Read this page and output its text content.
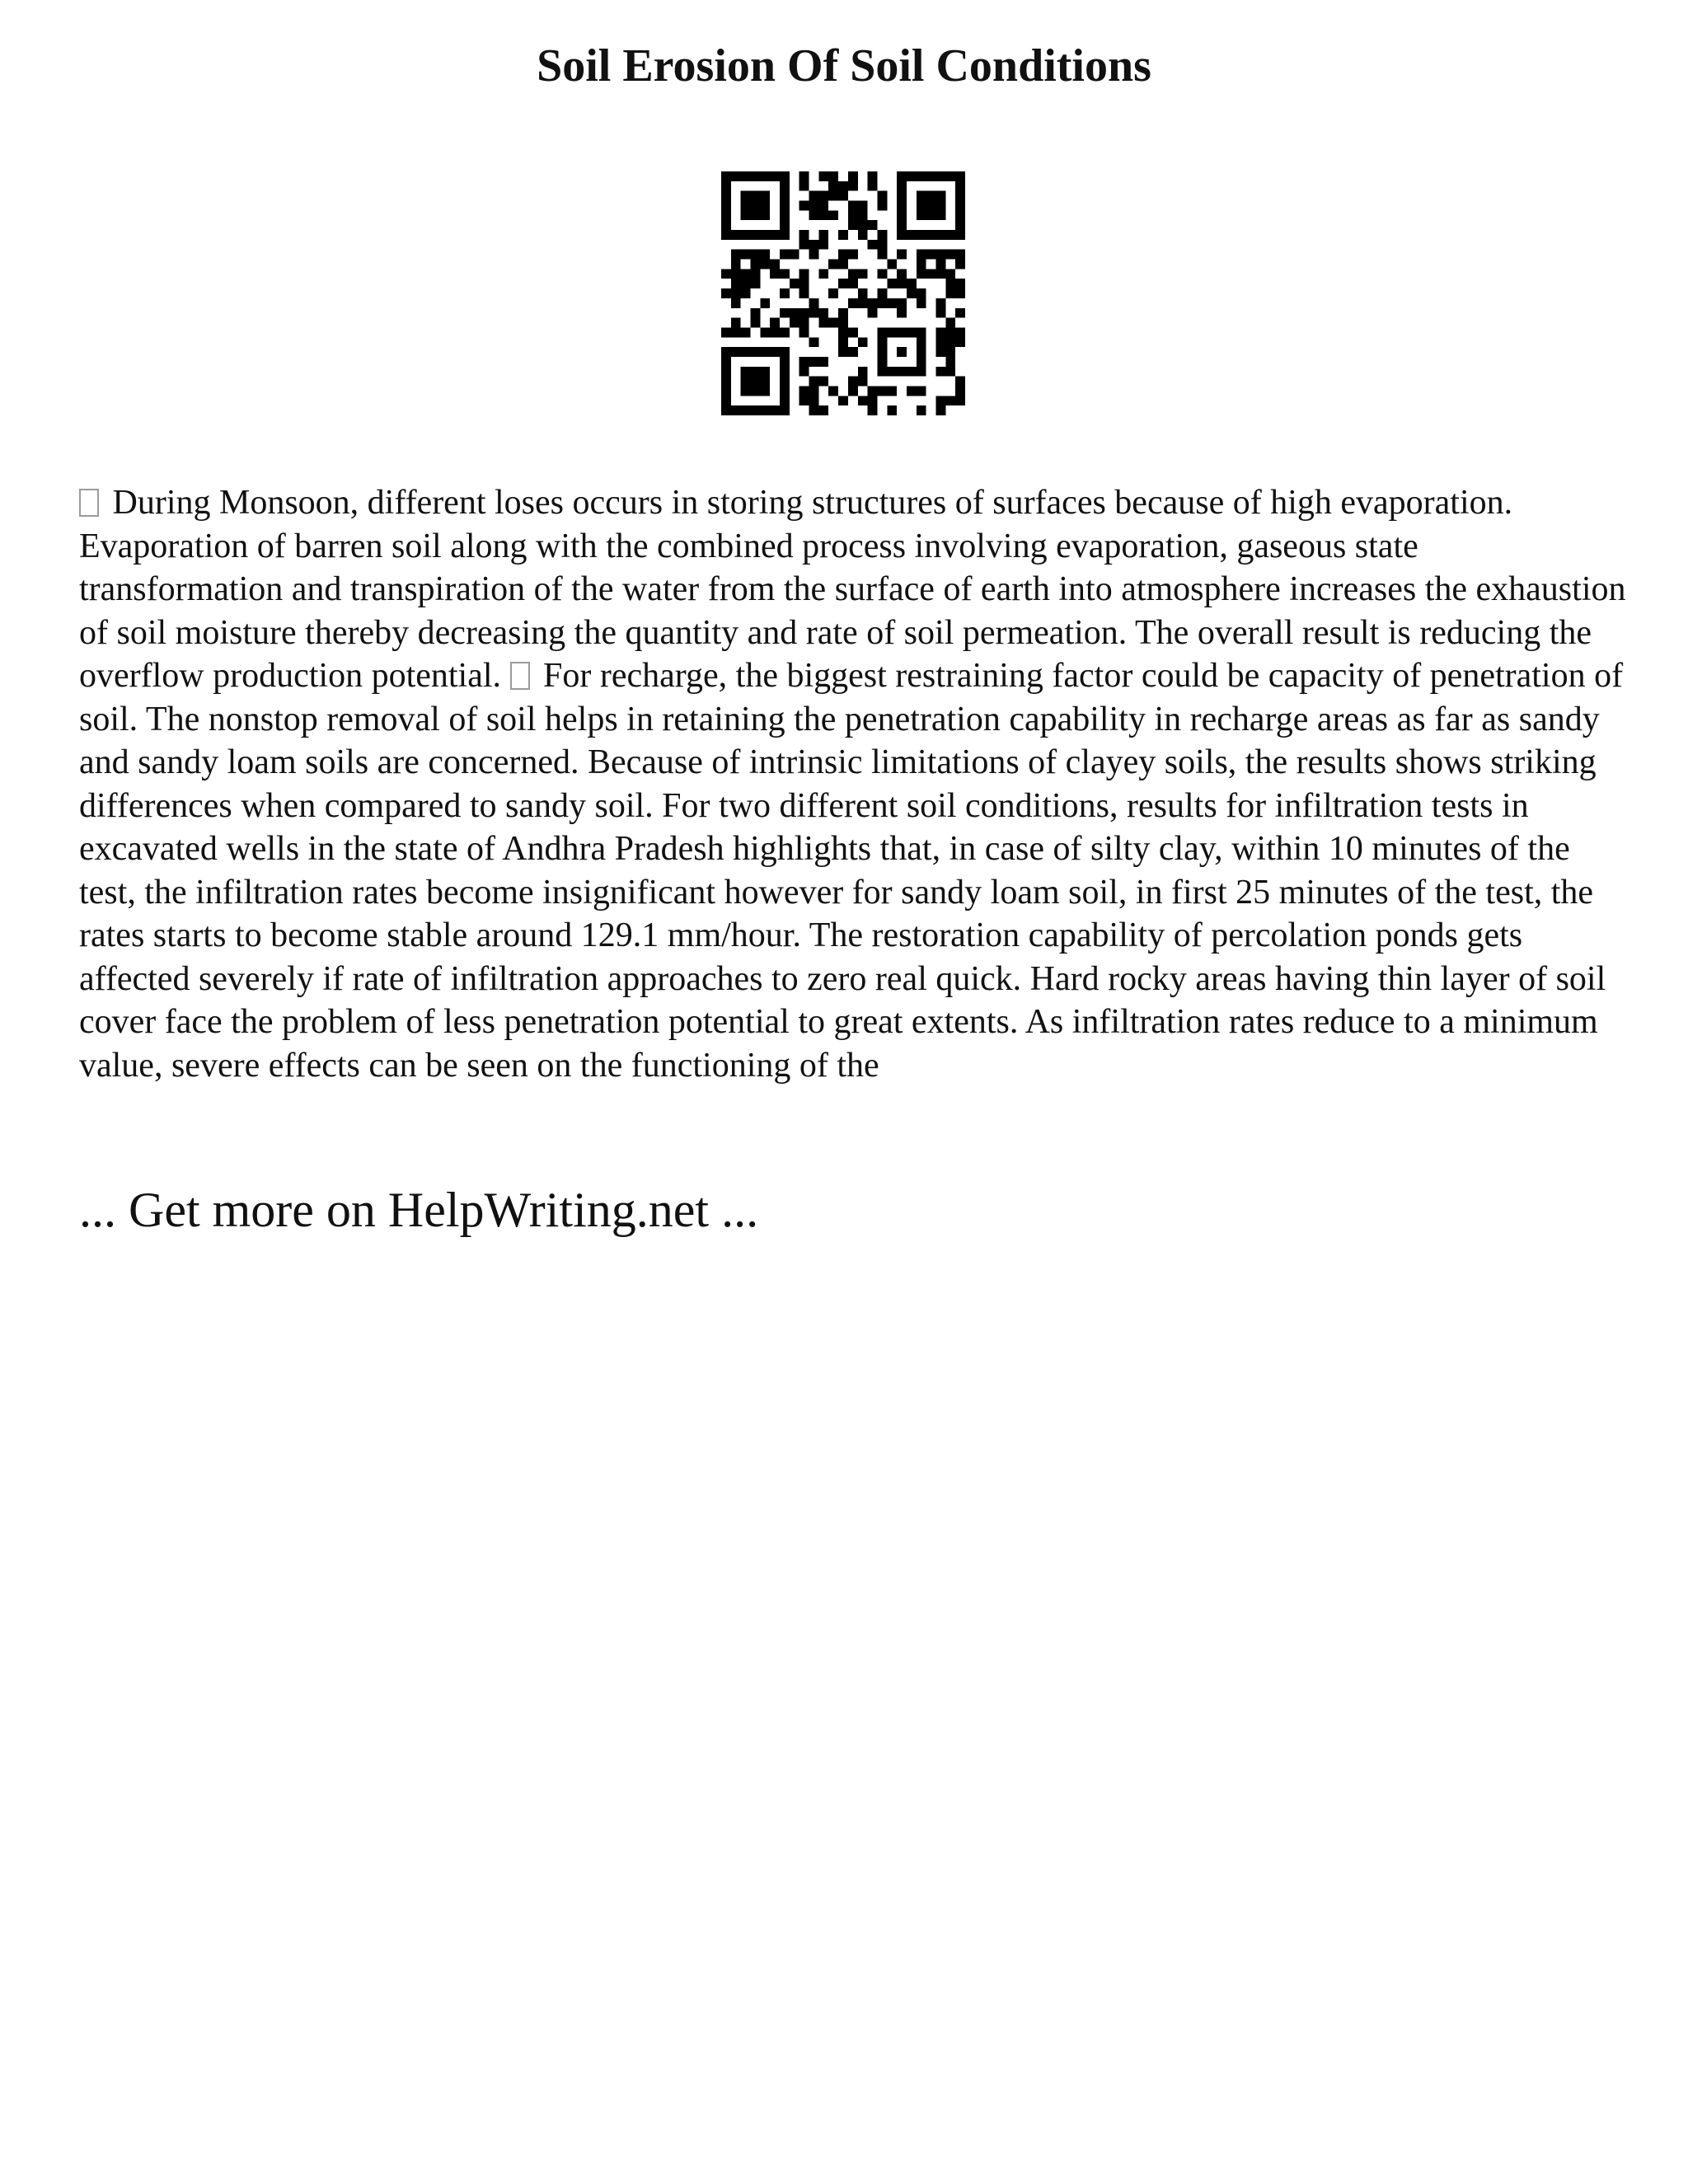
Soil Erosion Of Soil Conditions

During Monsoon, different loses occurs in storing structures of surfaces because of high evaporation. Evaporation of barren soil along with the combined process involving evaporation, gaseous state transformation and transpiration of the water from the surface of earth into atmosphere increases the exhaustion of soil moisture thereby decreasing the quantity and rate of soil permeation. The overall result is reducing the overflow production potential. For recharge, the biggest restraining factor could be capacity of penetration of soil. The nonstop removal of soil helps in retaining the penetration capability in recharge areas as far as sandy and sandy loam soils are concerned. Because of intrinsic limitations of clayey soils, the results shows striking differences when compared to sandy soil. For two different soil conditions, results for infiltration tests in excavated wells in the state of Andhra Pradesh highlights that, in case of silty clay, within 10 minutes of the test, the infiltration rates become insignificant however for sandy loam soil, in first 25 minutes of the test, the rates starts to become stable around 129.1 mm/hour. The restoration capability of percolation ponds gets affected severely if rate of infiltration approaches to zero real quick. Hard rocky areas having thin layer of soil cover face the problem of less penetration potential to great extents. As infiltration rates reduce to a minimum value, severe effects can be seen on the functioning of the

... Get more on HelpWriting.net ...
